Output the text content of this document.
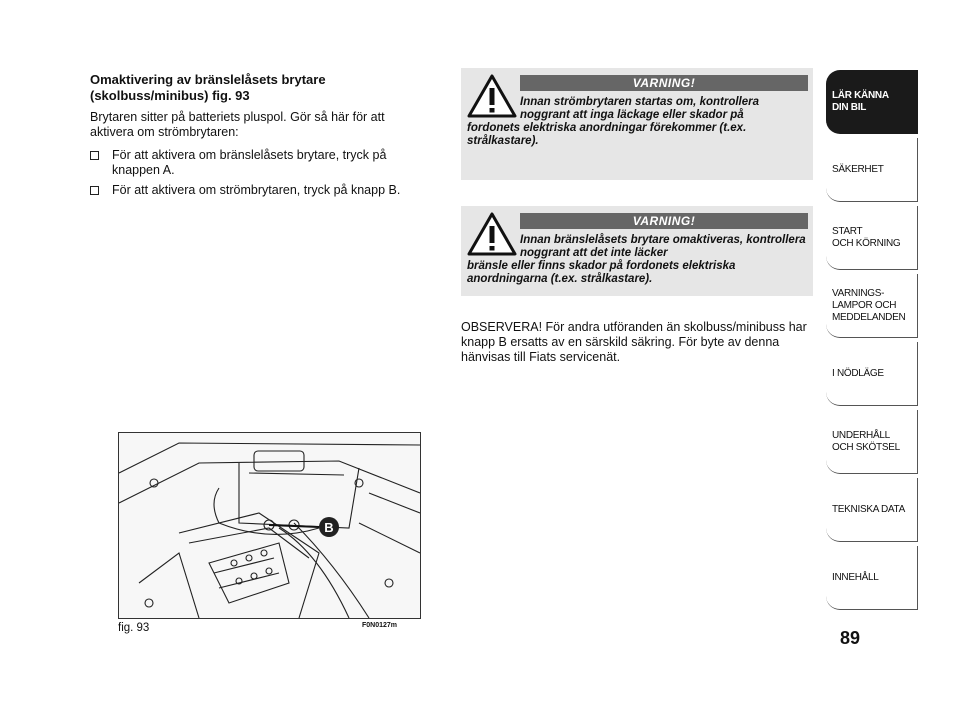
Omaktivering av bränslelåsets brytare (skolbuss/minibus) fig. 93
Brytaren sitter på batteriets pluspol. Gör så här för att aktivera om strömbrytaren:
För att aktivera om bränslelåsets brytare, tryck på knappen A.
För att aktivera om strömbrytaren, tryck på knapp B.
VARNING!
Innan strömbrytaren startas om, kontrollera noggrant att inga läckage eller skador på
fordonets elektriska anordningar förekommer (t.ex. strålkastare).
VARNING!
Innan bränslelåsets brytare omaktiveras, kontrollera noggrant att det inte läcker
bränsle eller finns skador på fordonets elektriska anordningarna (t.ex. strålkastare).
OBSERVERA! För andra utföranden än skolbuss/minibuss har knapp B ersatts av en särskild säkring. För byte av denna hänvisas till Fiats servicenät.
B
fig. 93	F0N0127m
LÄR KÄNNA
DIN BIL
SÄKERHET
START
OCH KÖRNING
VARNINGS-
LAMPOR OCH
MEDDELANDEN
I NÖDLÄGE
UNDERHÅLL
OCH SKÖTSEL
TEKNISKA DATA
INNEHÅLL
89
